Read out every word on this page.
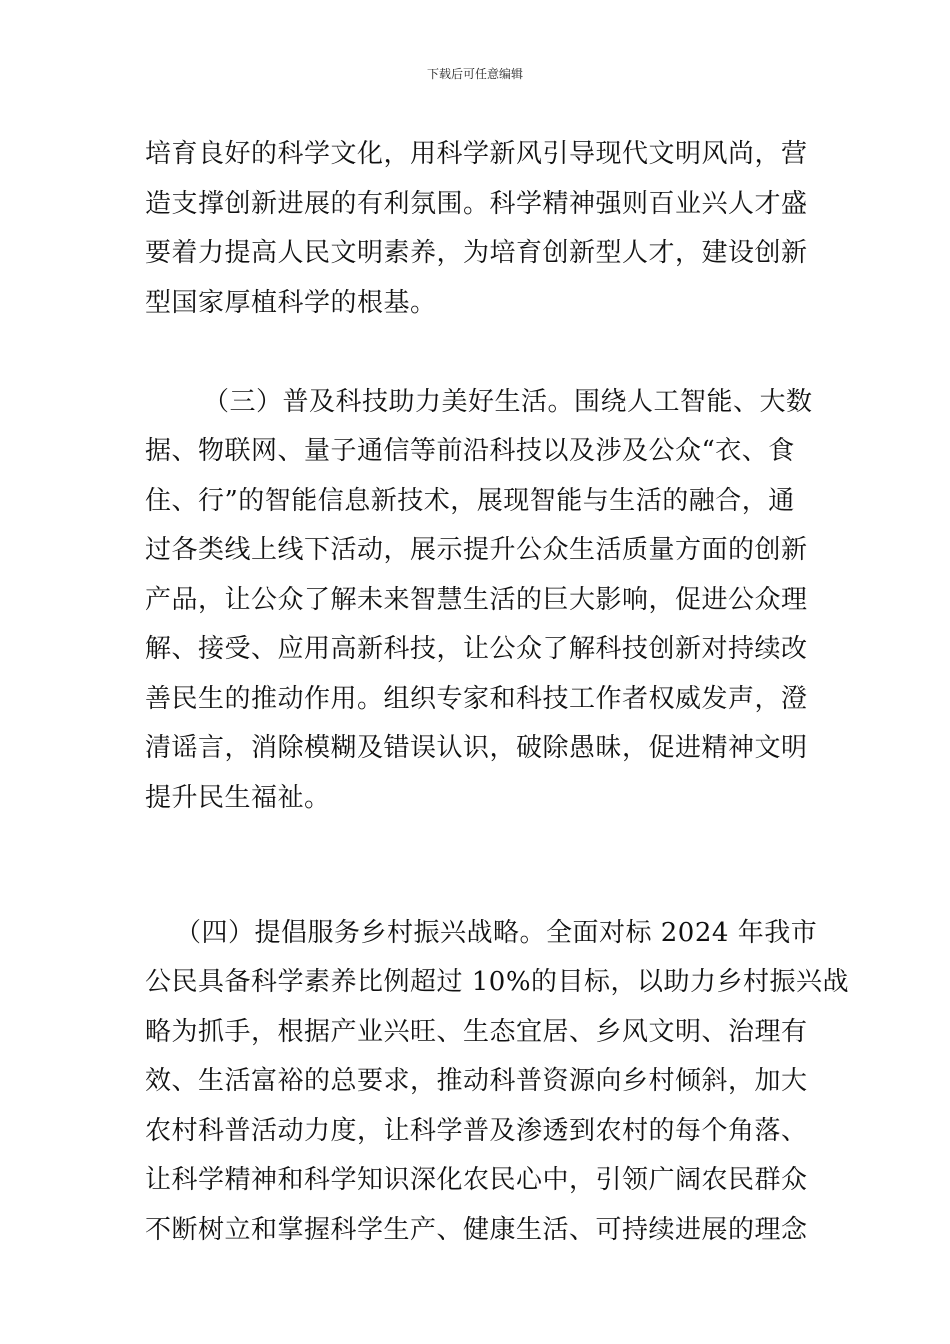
下载后可任意编辑
培育良好的科学文化，用科学新风引导现代文明风尚，营
造支撑创新进展的有利氛围。科学精神强则百业兴人才盛
要着力提高人民文明素养，为培育创新型人才，建设创新
型国家厚植科学的根基。
（三）普及科技助力美好生活。围绕人工智能、大数
据、物联网、量子通信等前沿科技以及涉及公众“衣、食
住、行”的智能信息新技术，展现智能与生活的融合，通
过各类线上线下活动，展示提升公众生活质量方面的创新
产品，让公众了解未来智慧生活的巨大影响，促进公众理
解、接受、应用高新科技，让公众了解科技创新对持续改
善民生的推动作用。组织专家和科技工作者权威发声，澄
清谣言，消除模糊及错误认识，破除愚昧，促进精神文明
提升民生福祉。
（四）提倡服务乡村振兴战略。全面对标 2024 年我市
公民具备科学素养比例超过 10%的目标，以助力乡村振兴战
略为抓手，根据产业兴旺、生态宜居、乡风文明、治理有
效、生活富裕的总要求，推动科普资源向乡村倾斜，加大
农村科普活动力度，让科学普及渗透到农村的每个角落、
让科学精神和科学知识深化农民心中，引领广阔农民群众
不断树立和掌握科学生产、健康生活、可持续进展的理念
